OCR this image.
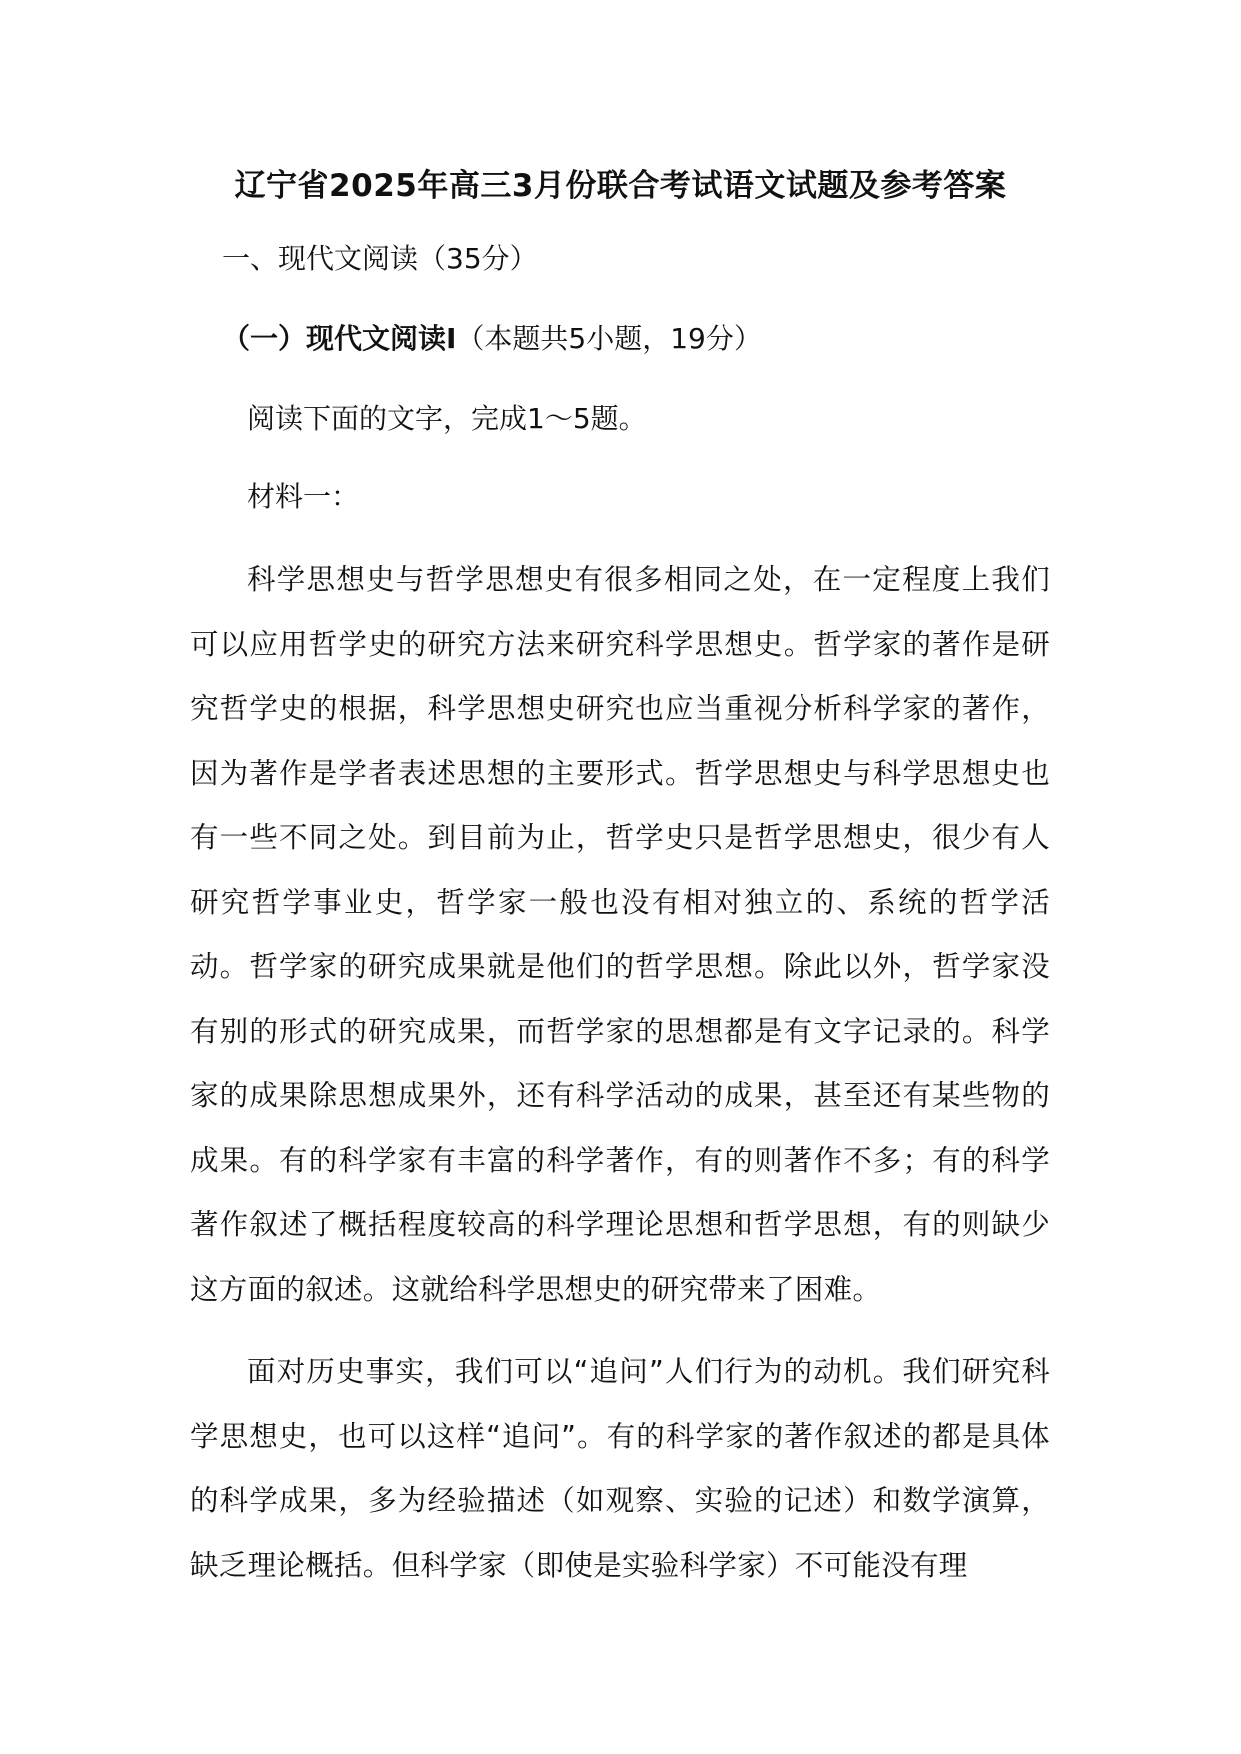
辽宁省2025年高三3月份联合考试语文试题及参考答案
一、现代文阅读（35分）
（一）现代文阅读Ⅰ（本题共5小题，19分）
阅读下面的文字，完成1～5题。
材料一：
科学思想史与哲学思想史有很多相同之处，在一定程度上我们可以应用哲学史的研究方法来研究科学思想史。哲学家的著作是研究哲学史的根据，科学思想史研究也应当重视分析科学家的著作，因为著作是学者表述思想的主要形式。哲学思想史与科学思想史也有一些不同之处。到目前为止，哲学史只是哲学思想史，很少有人研究哲学事业史，哲学家一般也没有相对独立的、系统的哲学活动。哲学家的研究成果就是他们的哲学思想。除此以外，哲学家没有别的形式的研究成果，而哲学家的思想都是有文字记录的。科学家的成果除思想成果外，还有科学活动的成果，甚至还有某些物的成果。有的科学家有丰富的科学著作，有的则著作不多；有的科学著作叙述了概括程度较高的科学理论思想和哲学思想，有的则缺少这方面的叙述。这就给科学思想史的研究带来了困难。
面对历史事实，我们可以“追问”人们行为的动机。我们研究科学思想史，也可以这样“追问”。有的科学家的著作叙述的都是具体的科学成果，多为经验描述（如观察、实验的记述）和数学演算，缺乏理论概括。但科学家（即使是实验科学家）不可能没有理
